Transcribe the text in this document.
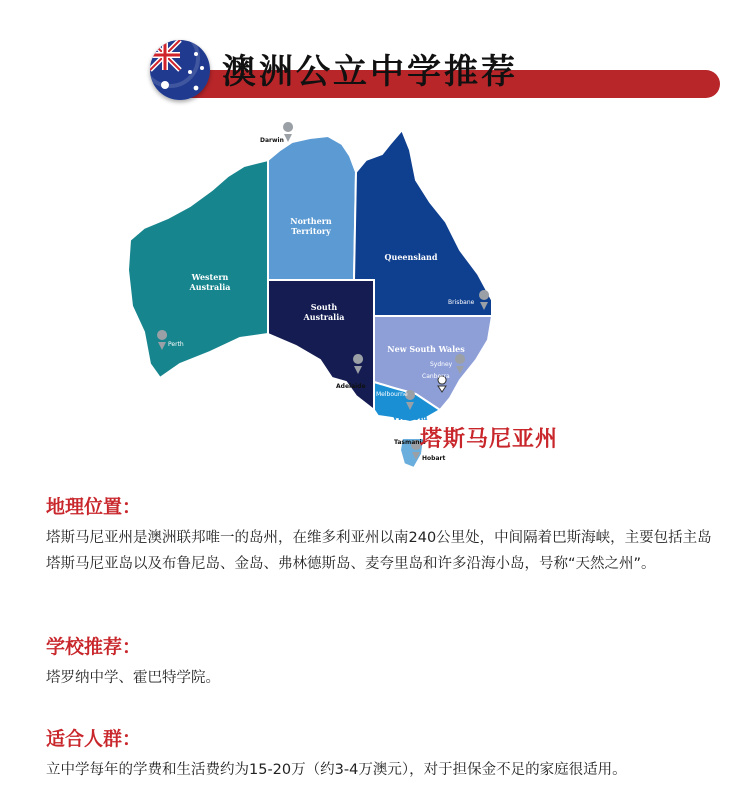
澳洲公立中学推荐
Western
Australia
Northern
Territory
Queensland
South
Australia
New South Wales
Victoria
Perth
Brisbane
Sydney
Canberra
Melbourne
Darwin
Adelaide
Tasmania
Hobart
塔斯马尼亚州
地理位置：

塔斯马尼亚州是澳洲联邦唯一的岛州，在维多利亚州以南240公里处，中间隔着巴斯海峡，主要包括主岛塔斯马尼亚岛以及布鲁尼岛、金岛、弗林德斯岛、麦夸里岛和许多沿海小岛，号称“天然之州”。

学校推荐：

塔罗纳中学、霍巴特学院。

适合人群：

立中学每年的学费和生活费约为15-20万（约3-4万澳元），对于担保金不足的家庭很适用。
